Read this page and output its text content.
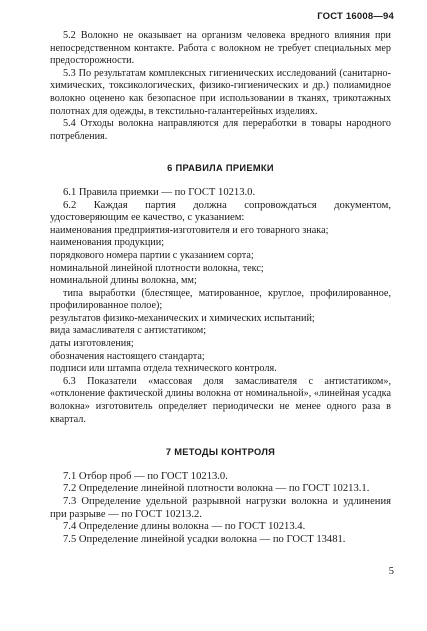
ГОСТ 16008—94

5.2 Волокно не оказывает на организм человека вредного влияния при непосредственном контакте. Работа с волокном не требует специальных мер предосторожности.

5.3 По результатам комплексных гигиенических исследований (санитарно-химических, токсикологических, физико-гигиенических и др.) полиамидное волокно оценено как безопасное при использовании в тканях, трикотажных полотнах для одежды, в текстильно-галантерейных изделиях.

5.4 Отходы волокна направляются для переработки в товары народного потребления.

6 ПРАВИЛА ПРИЕМКИ

6.1 Правила приемки — по ГОСТ 10213.0.

6.2 Каждая партия должна сопровождаться документом, удостоверяющим ее качество, с указанием:

наименования предприятия-изготовителя и его товарного знака;

наименования продукции;

порядкового номера партии с указанием сорта;

номинальной линейной плотности волокна, текс;

номинальной длины волокна, мм;

типа выработки (блестящее, матированное, круглое, профилированное, профилированное полое);

результатов физико-механических и химических испытаний;

вида замасливателя с антистатиком;

даты изготовления;

обозначения настоящего стандарта;

подписи или штампа отдела технического контроля.

6.3 Показатели «массовая доля замасливателя с антистатиком», «отклонение фактической длины волокна от номинальной», «линейная усадка волокна» изготовитель определяет периодически не менее одного раза в квартал.

7 МЕТОДЫ КОНТРОЛЯ

7.1 Отбор проб — по ГОСТ 10213.0.

7.2 Определение линейной плотности волокна — по ГОСТ 10213.1.

7.3 Определение удельной разрывной нагрузки волокна и удлинения при разрыве — по ГОСТ 10213.2.

7.4 Определение длины волокна — по ГОСТ 10213.4.

7.5 Определение линейной усадки волокна — по ГОСТ 13481.

5
